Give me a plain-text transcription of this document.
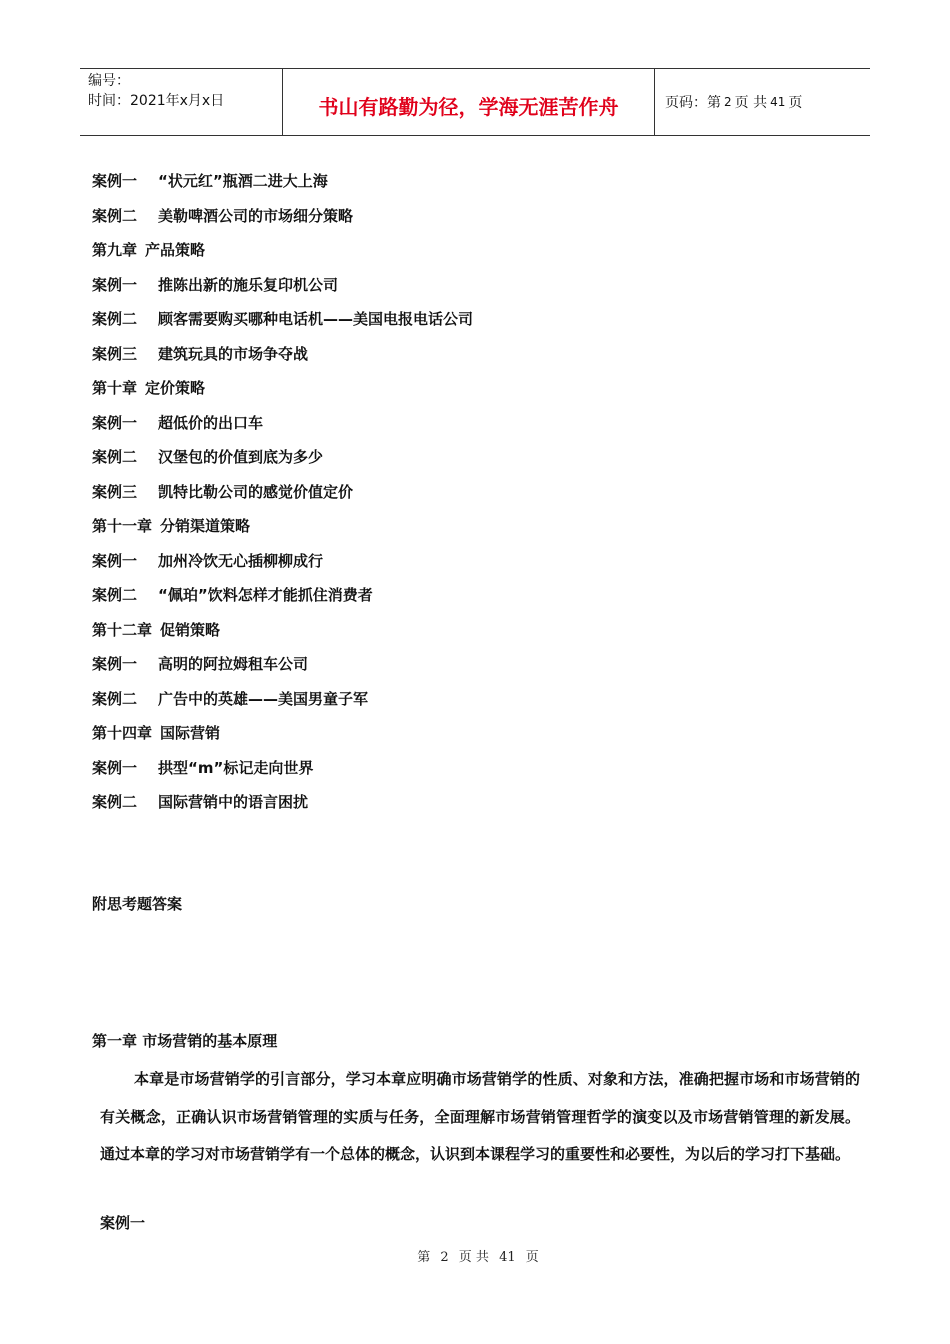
编号：
时间：2021年x月x日	书山有路勤为径，学海无涯苦作舟	页码：第 2 页 共 41 页
案例一 “状元红”瓶酒二进大上海
案例二 美勒啤酒公司的市场细分策略
第九章 产品策略
案例一 推陈出新的施乐复印机公司
案例二 顾客需要购买哪种电话机——美国电报电话公司
案例三 建筑玩具的市场争夺战
第十章 定价策略
案例一 超低价的出口车
案例二 汉堡包的价值到底为多少
案例三 凯特比勒公司的感觉价值定价
第十一章 分销渠道策略
案例一 加州冷饮无心插柳柳成行
案例二 “佩珀”饮料怎样才能抓住消费者
第十二章 促销策略
案例一 高明的阿拉姆租车公司
案例二 广告中的英雄——美国男童子军
第十四章 国际营销
案例一 拱型“m”标记走向世界
案例二 国际营销中的语言困扰
附思考题答案
第一章 市场营销的基本原理

本章是市场营销学的引言部分，学习本章应明确市场营销学的性质、对象和方法，准确把握市场和市场营销的有关概念，正确认识市场营销管理的实质与任务，全面理解市场营销管理哲学的演变以及市场营销管理的新发展。通过本章的学习对市场营销学有一个总体的概念，认识到本课程学习的重要性和必要性，为以后的学习打下基础。

案例一
第 2 页 共 41 页
